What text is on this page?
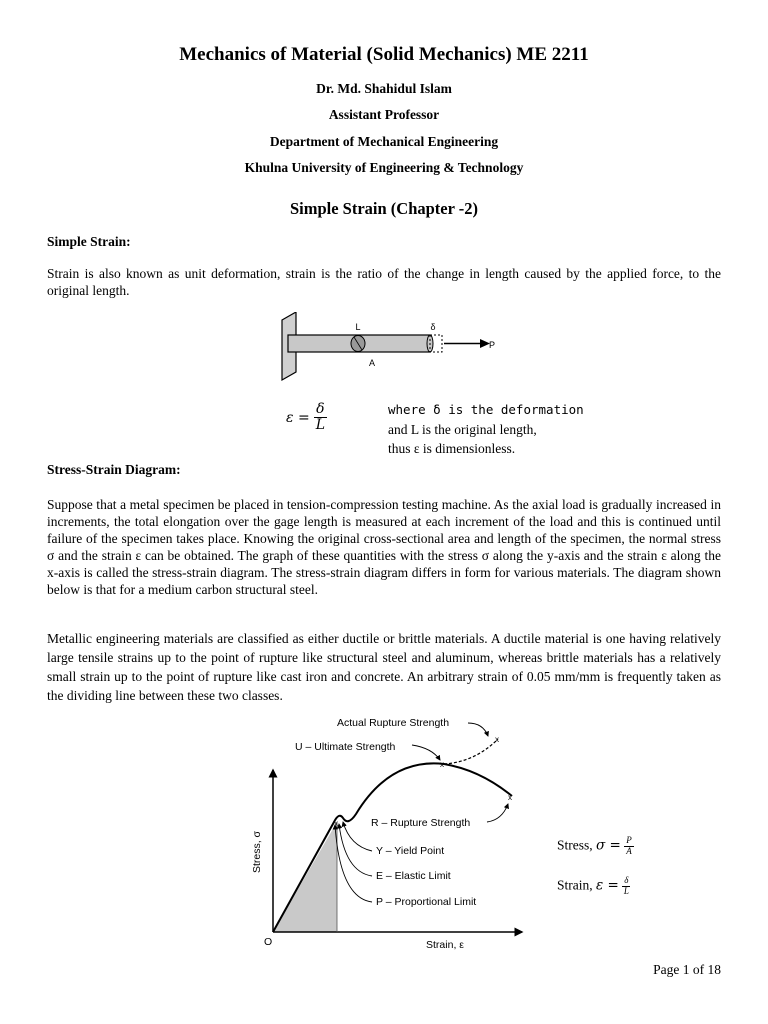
Mechanics of Material (Solid Mechanics) ME 2211
Dr. Md. Shahidul Islam
Assistant Professor
Department of Mechanical Engineering
Khulna University of Engineering & Technology
Simple Strain (Chapter -2)
Simple Strain:
Strain is also known as unit deformation, strain is the ratio of the change in length caused by the applied force, to the original length.
L	δ
P
A
$\varepsilon = \frac{\delta}{L}$	where δ is the deformation
and L is the original length,
thus ε is dimensionless.
Stress-Strain Diagram:
Suppose that a metal specimen be placed in tension-compression testing machine. As the axial load is gradually increased in increments, the total elongation over the gage length is measured at each increment of the load and this is continued until failure of the specimen takes place. Knowing the original cross-sectional area and length of the specimen, the normal stress σ and the strain ε can be obtained. The graph of these quantities with the stress σ along the y-axis and the strain ε along the x-axis is called the stress-strain diagram. The stress-strain diagram differs in form for various materials. The diagram shown below is that for a medium carbon structural steel.
Metallic engineering materials are classified as either ductile or brittle materials. A ductile material is one having relatively large tensile strains up to the point of rupture like structural steel and aluminum, whereas brittle materials has a relatively small strain up to the point of rupture like cast iron and concrete. An arbitrary strain of 0.05 mm/mm is frequently taken as the dividing line between these two classes.
x
x
x
x
Actual Rupture Strength
U – Ultimate Strength
R – Rupture Strength
Y – Yield Point
E – Elastic Limit
P – Proportional Limit
Stress, σ
Strain, ε
O
Stress, $\sigma = \frac{P}{A}$
Strain, $\varepsilon = \frac{\delta}{L}$
Page 1 of 18
